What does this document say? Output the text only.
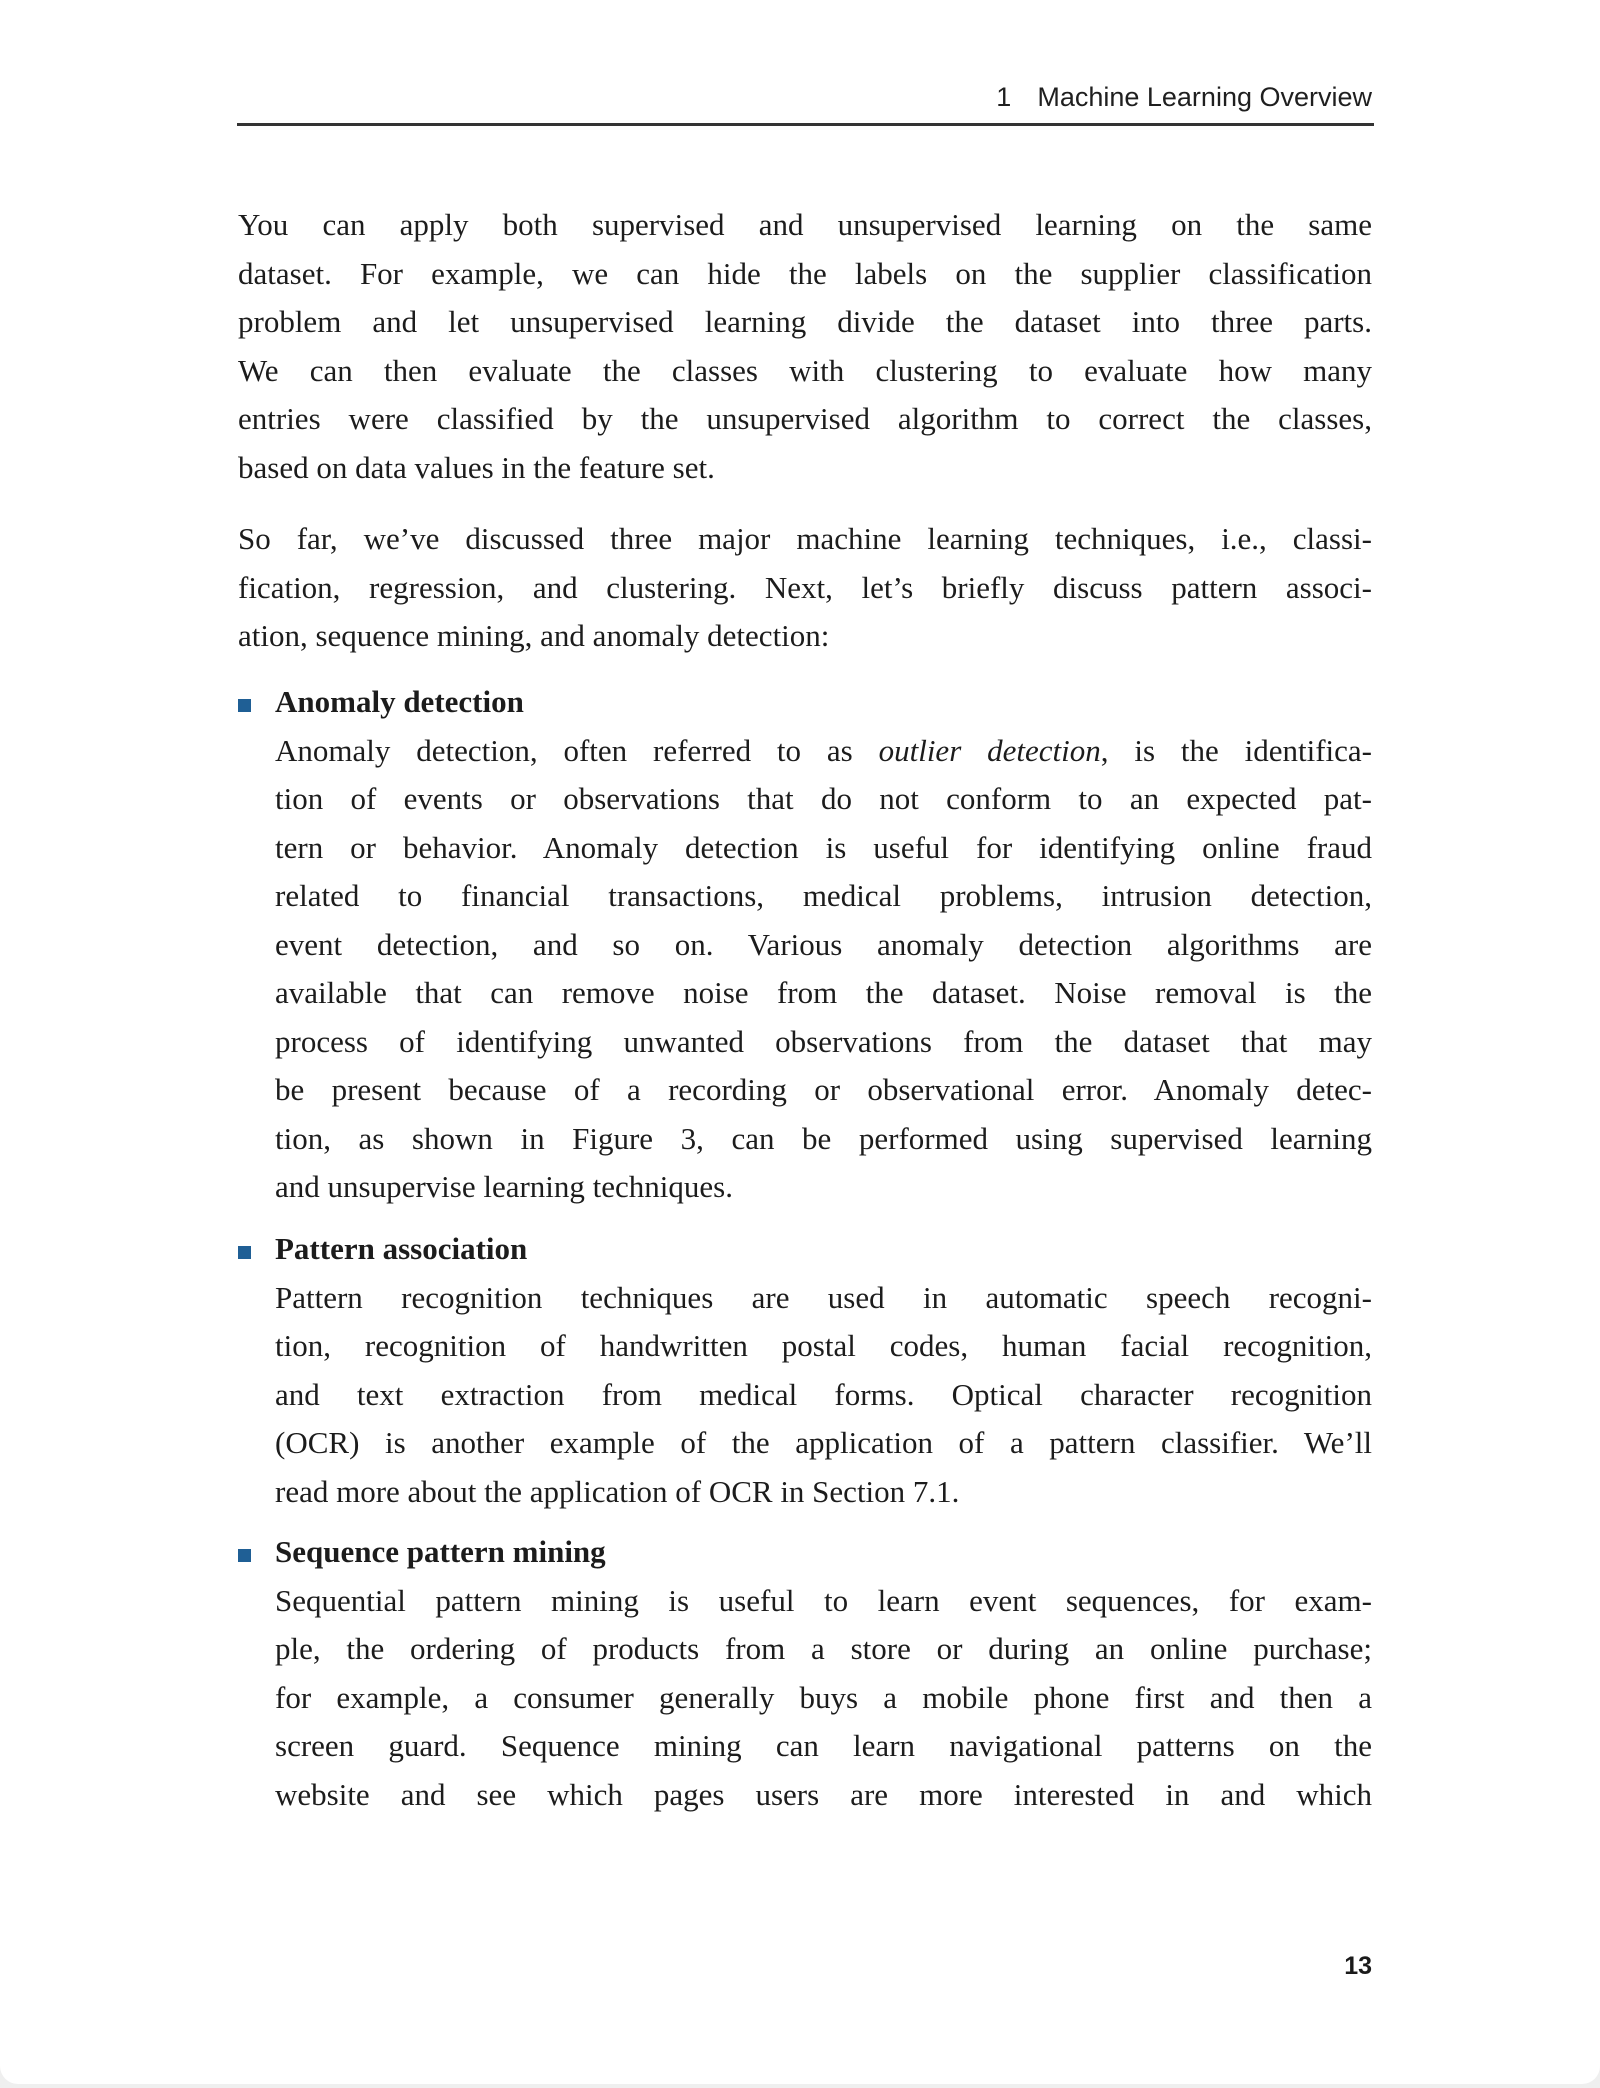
1 Machine Learning Overview
You can apply both supervised and unsupervised learning on the same
dataset. For example, we can hide the labels on the supplier classification
problem and let unsupervised learning divide the dataset into three parts.
We can then evaluate the classes with clustering to evaluate how many
entries were classified by the unsupervised algorithm to correct the classes,
based on data values in the feature set.
So far, we’ve discussed three major machine learning techniques, i.e., classi-
fication, regression, and clustering. Next, let’s briefly discuss pattern associ-
ation, sequence mining, and anomaly detection:
Anomaly detection
Anomaly detection, often referred to as outlier detection, is the identifica-
tion of events or observations that do not conform to an expected pat-
tern or behavior. Anomaly detection is useful for identifying online fraud
related to financial transactions, medical problems, intrusion detection,
event detection, and so on. Various anomaly detection algorithms are
available that can remove noise from the dataset. Noise removal is the
process of identifying unwanted observations from the dataset that may
be present because of a recording or observational error. Anomaly detec-
tion, as shown in Figure 3, can be performed using supervised learning
and unsupervise learning techniques.
Pattern association
Pattern recognition techniques are used in automatic speech recogni-
tion, recognition of handwritten postal codes, human facial recognition,
and text extraction from medical forms. Optical character recognition
(OCR) is another example of the application of a pattern classifier. We’ll
read more about the application of OCR in Section 7.1.
Sequence pattern mining
Sequential pattern mining is useful to learn event sequences, for exam-
ple, the ordering of products from a store or during an online purchase;
for example, a consumer generally buys a mobile phone first and then a
screen guard. Sequence mining can learn navigational patterns on the
website and see which pages users are more interested in and which
13
